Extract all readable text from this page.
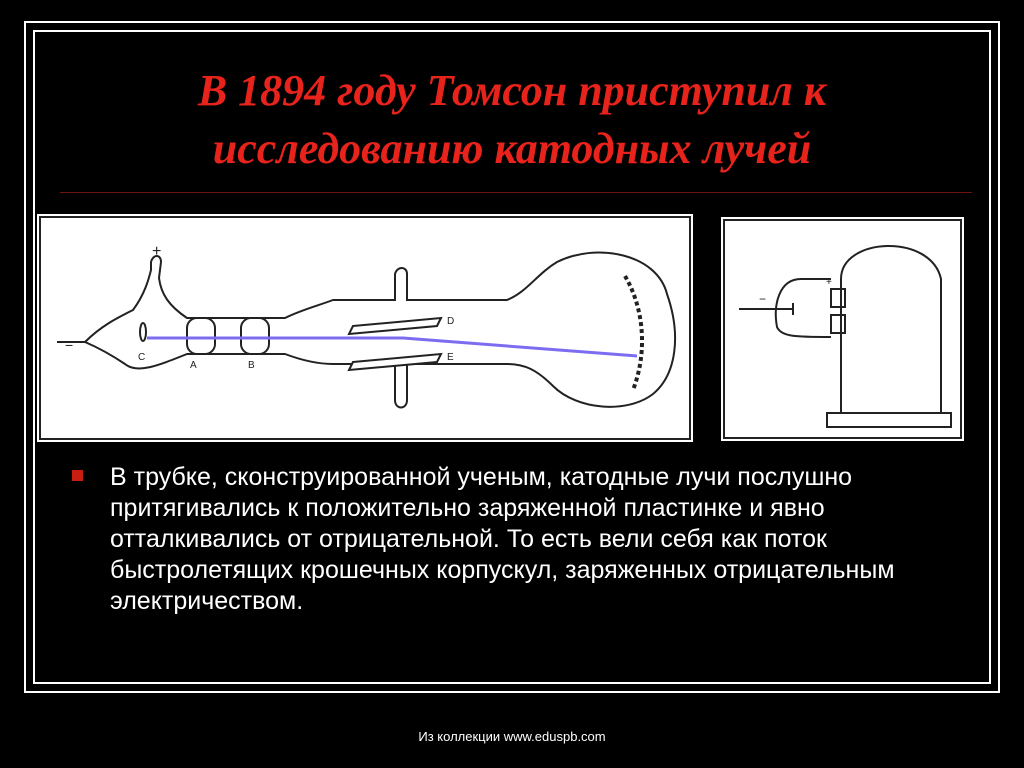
В 1894 году Томсон приступил к
исследованию катодных лучей
+
−
C
A	B
D
E
+
−

В трубке, сконструированной ученым, катодные лучи послушно притягивались к положительно заряженной пластинке и явно отталкивались от отрицательной. То есть вели себя как поток быстролетящих крошечных корпускул, заряженных отрицательным электричеством.

Из коллекции www.eduspb.com
